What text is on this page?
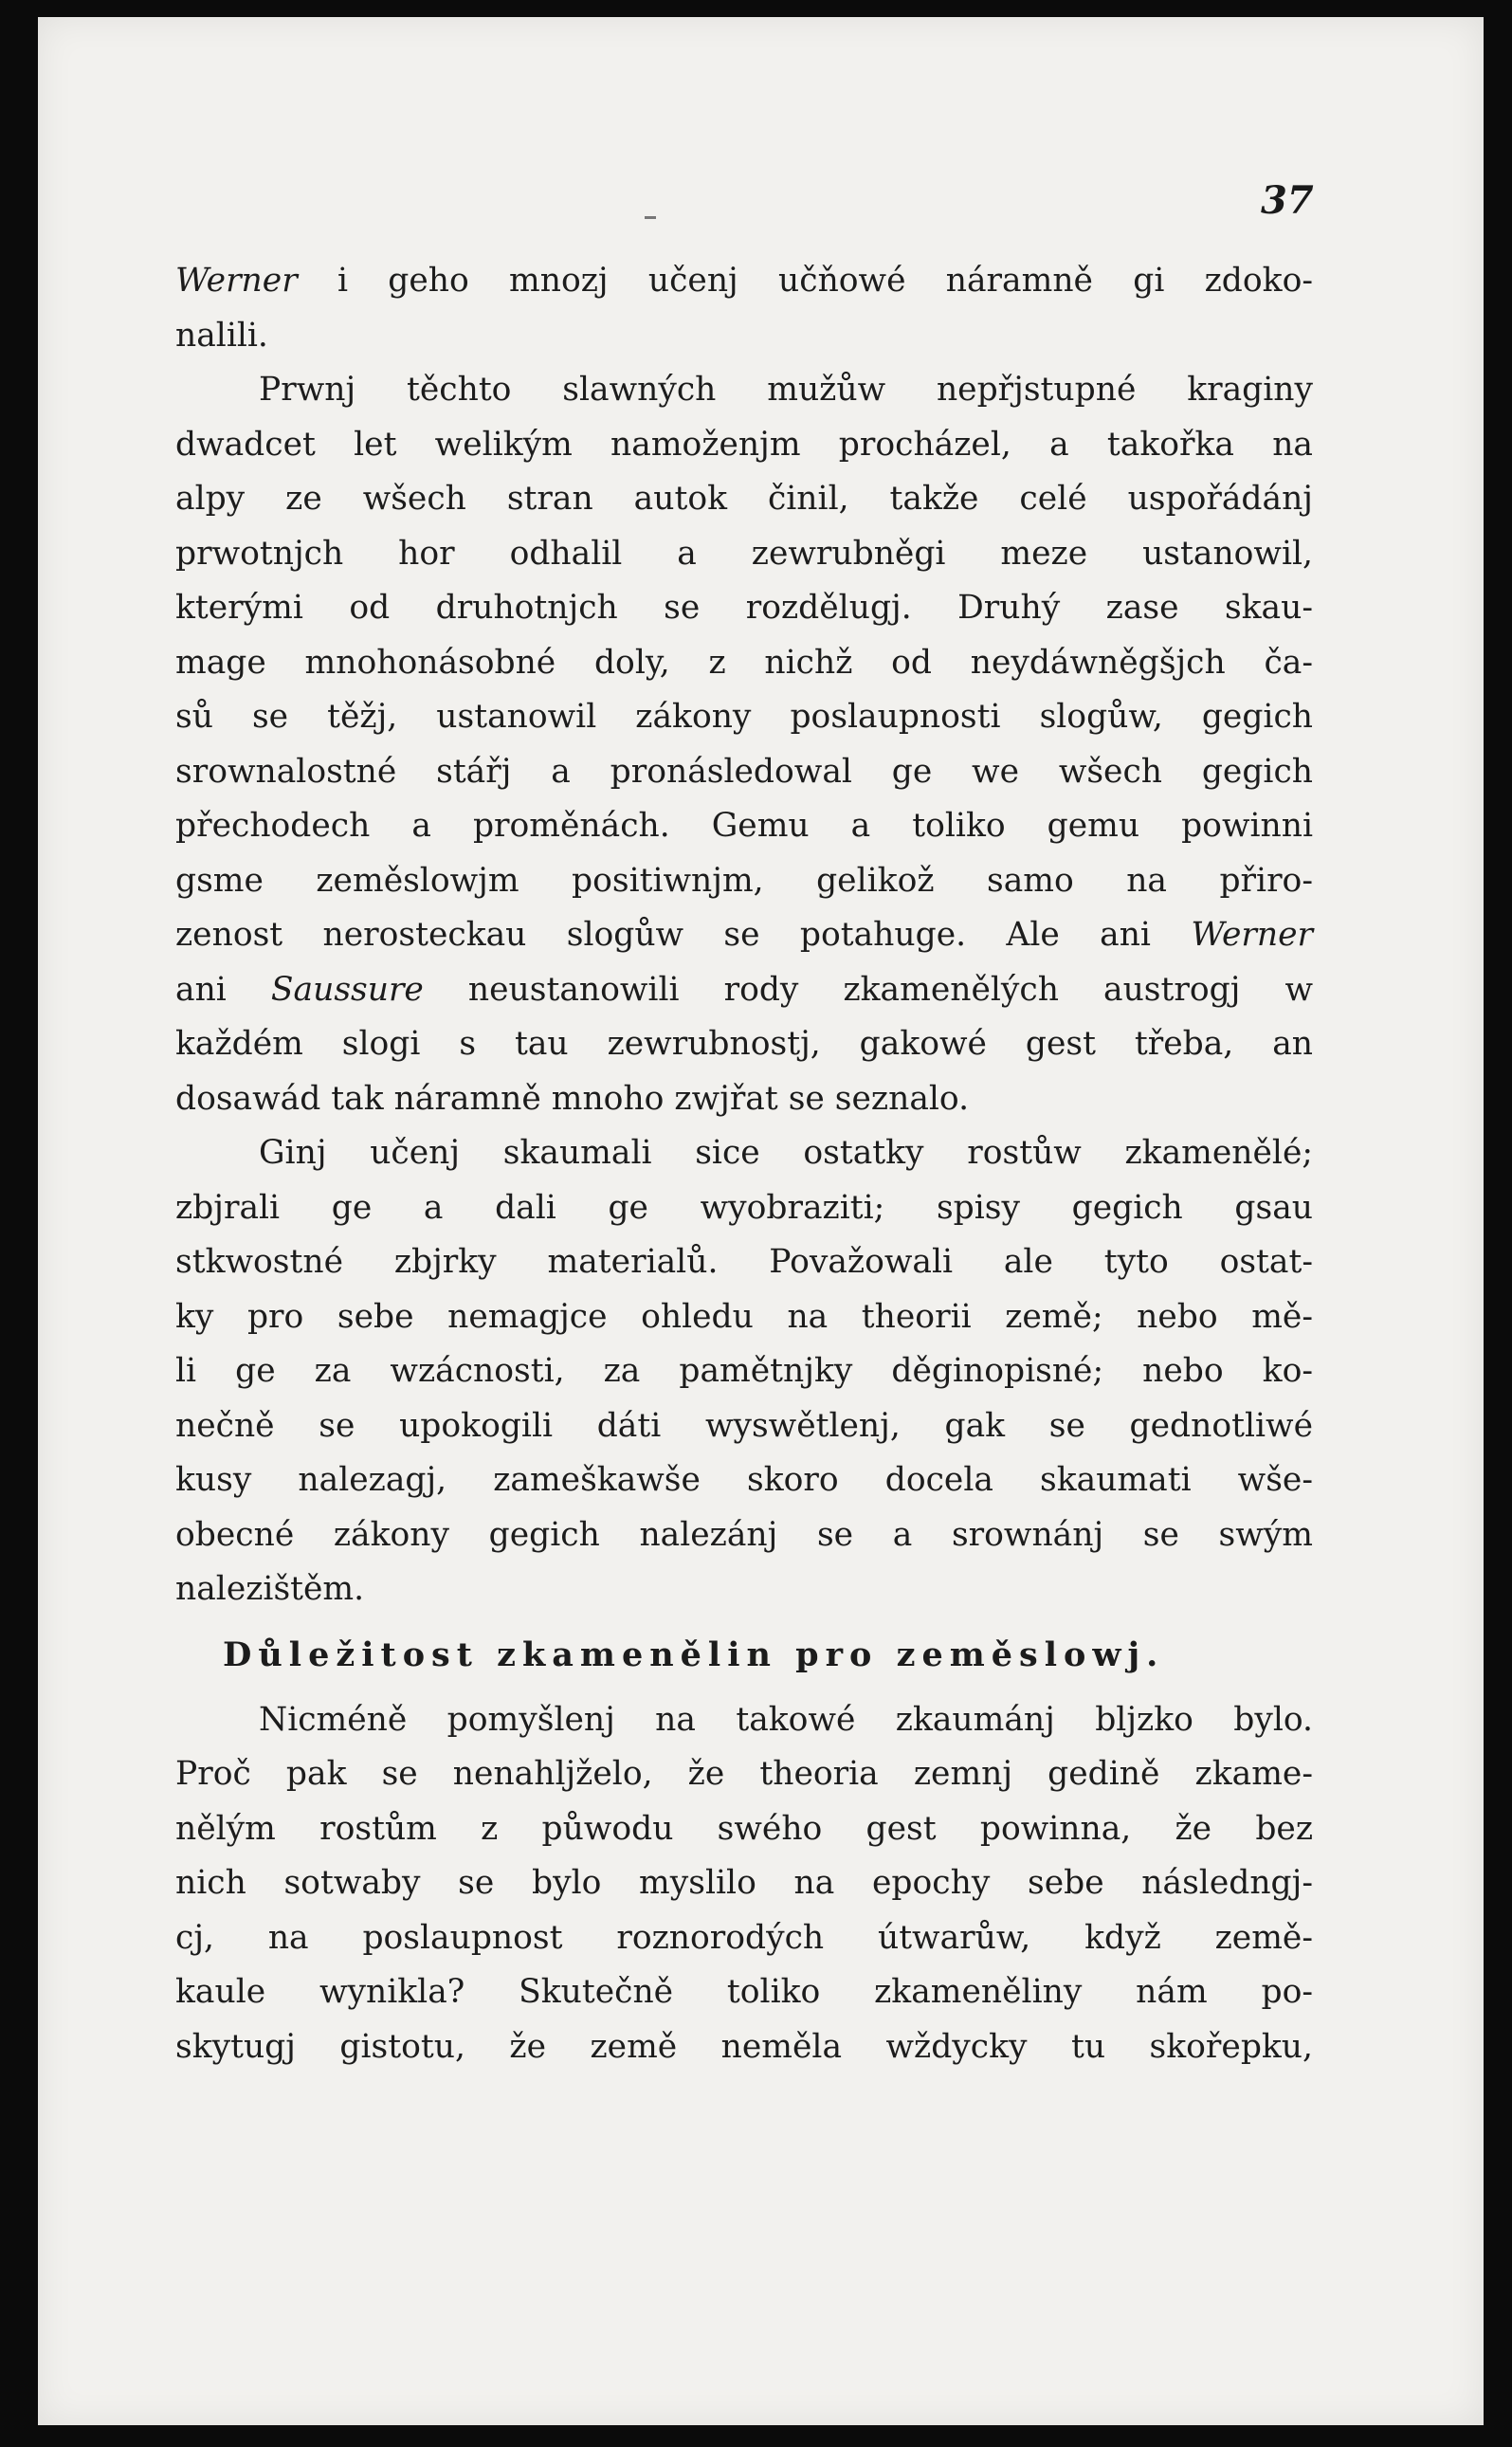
37
Werner i geho mnozj učenj učňowé náramně gi zdoko-
nalili.
Prwnj těchto slawných mužůw nepřjstupné kraginy
dwadcet let welikým namoženjm procházel, a takořka na
alpy ze wšech stran autok činil, takže celé uspořádánj
prwotnjch hor odhalil a zewrubněgi meze ustanowil,
kterými od druhotnjch se rozdělugj. Druhý zase skau-
mage mnohonásobné doly, z nichž od neydáwněgšjch ča-
sů se těžj, ustanowil zákony poslaupnosti slogůw, gegich
srownalostné stářj a pronásledowal ge we wšech gegich
přechodech a proměnách. Gemu a toliko gemu powinni
gsme zeměslowjm positiwnjm, gelikož samo na přiro-
zenost nerosteckau slogůw se potahuge. Ale ani Werner
ani Saussure neustanowili rody zkamenělých austrogj w
každém slogi s tau zewrubnostj, gakowé gest třeba, an
dosawád tak náramně mnoho zwjřat se seznalo.
Ginj učenj skaumali sice ostatky rostůw zkamenělé;
zbjrali ge a dali ge wyobraziti; spisy gegich gsau
stkwostné zbjrky materialů. Považowali ale tyto ostat-
ky pro sebe nemagjce ohledu na theorii země; nebo mě-
li ge za wzácnosti, za pamětnjky děginopisné; nebo ko-
nečně se upokogili dáti wyswětlenj, gak se gednotliwé
kusy nalezagj, zameškawše skoro docela skaumati wše-
obecné zákony gegich nalezánj se a srownánj se swým
nalezištěm.
Důležitost zkamenělin pro zeměslowj.
Nicméně pomyšlenj na takowé zkaumánj bljzko bylo.
Proč pak se nenahljželo, že theoria zemnj gedině zkame-
nělým rostům z půwodu swého gest powinna, že bez
nich sotwaby se bylo myslilo na epochy sebe následngj-
cj, na poslaupnost roznorodých útwarůw, když země-
kaule wynikla? Skutečně toliko zkameněliny nám po-
skytugj gistotu, že země neměla wždycky tu skořepku,
